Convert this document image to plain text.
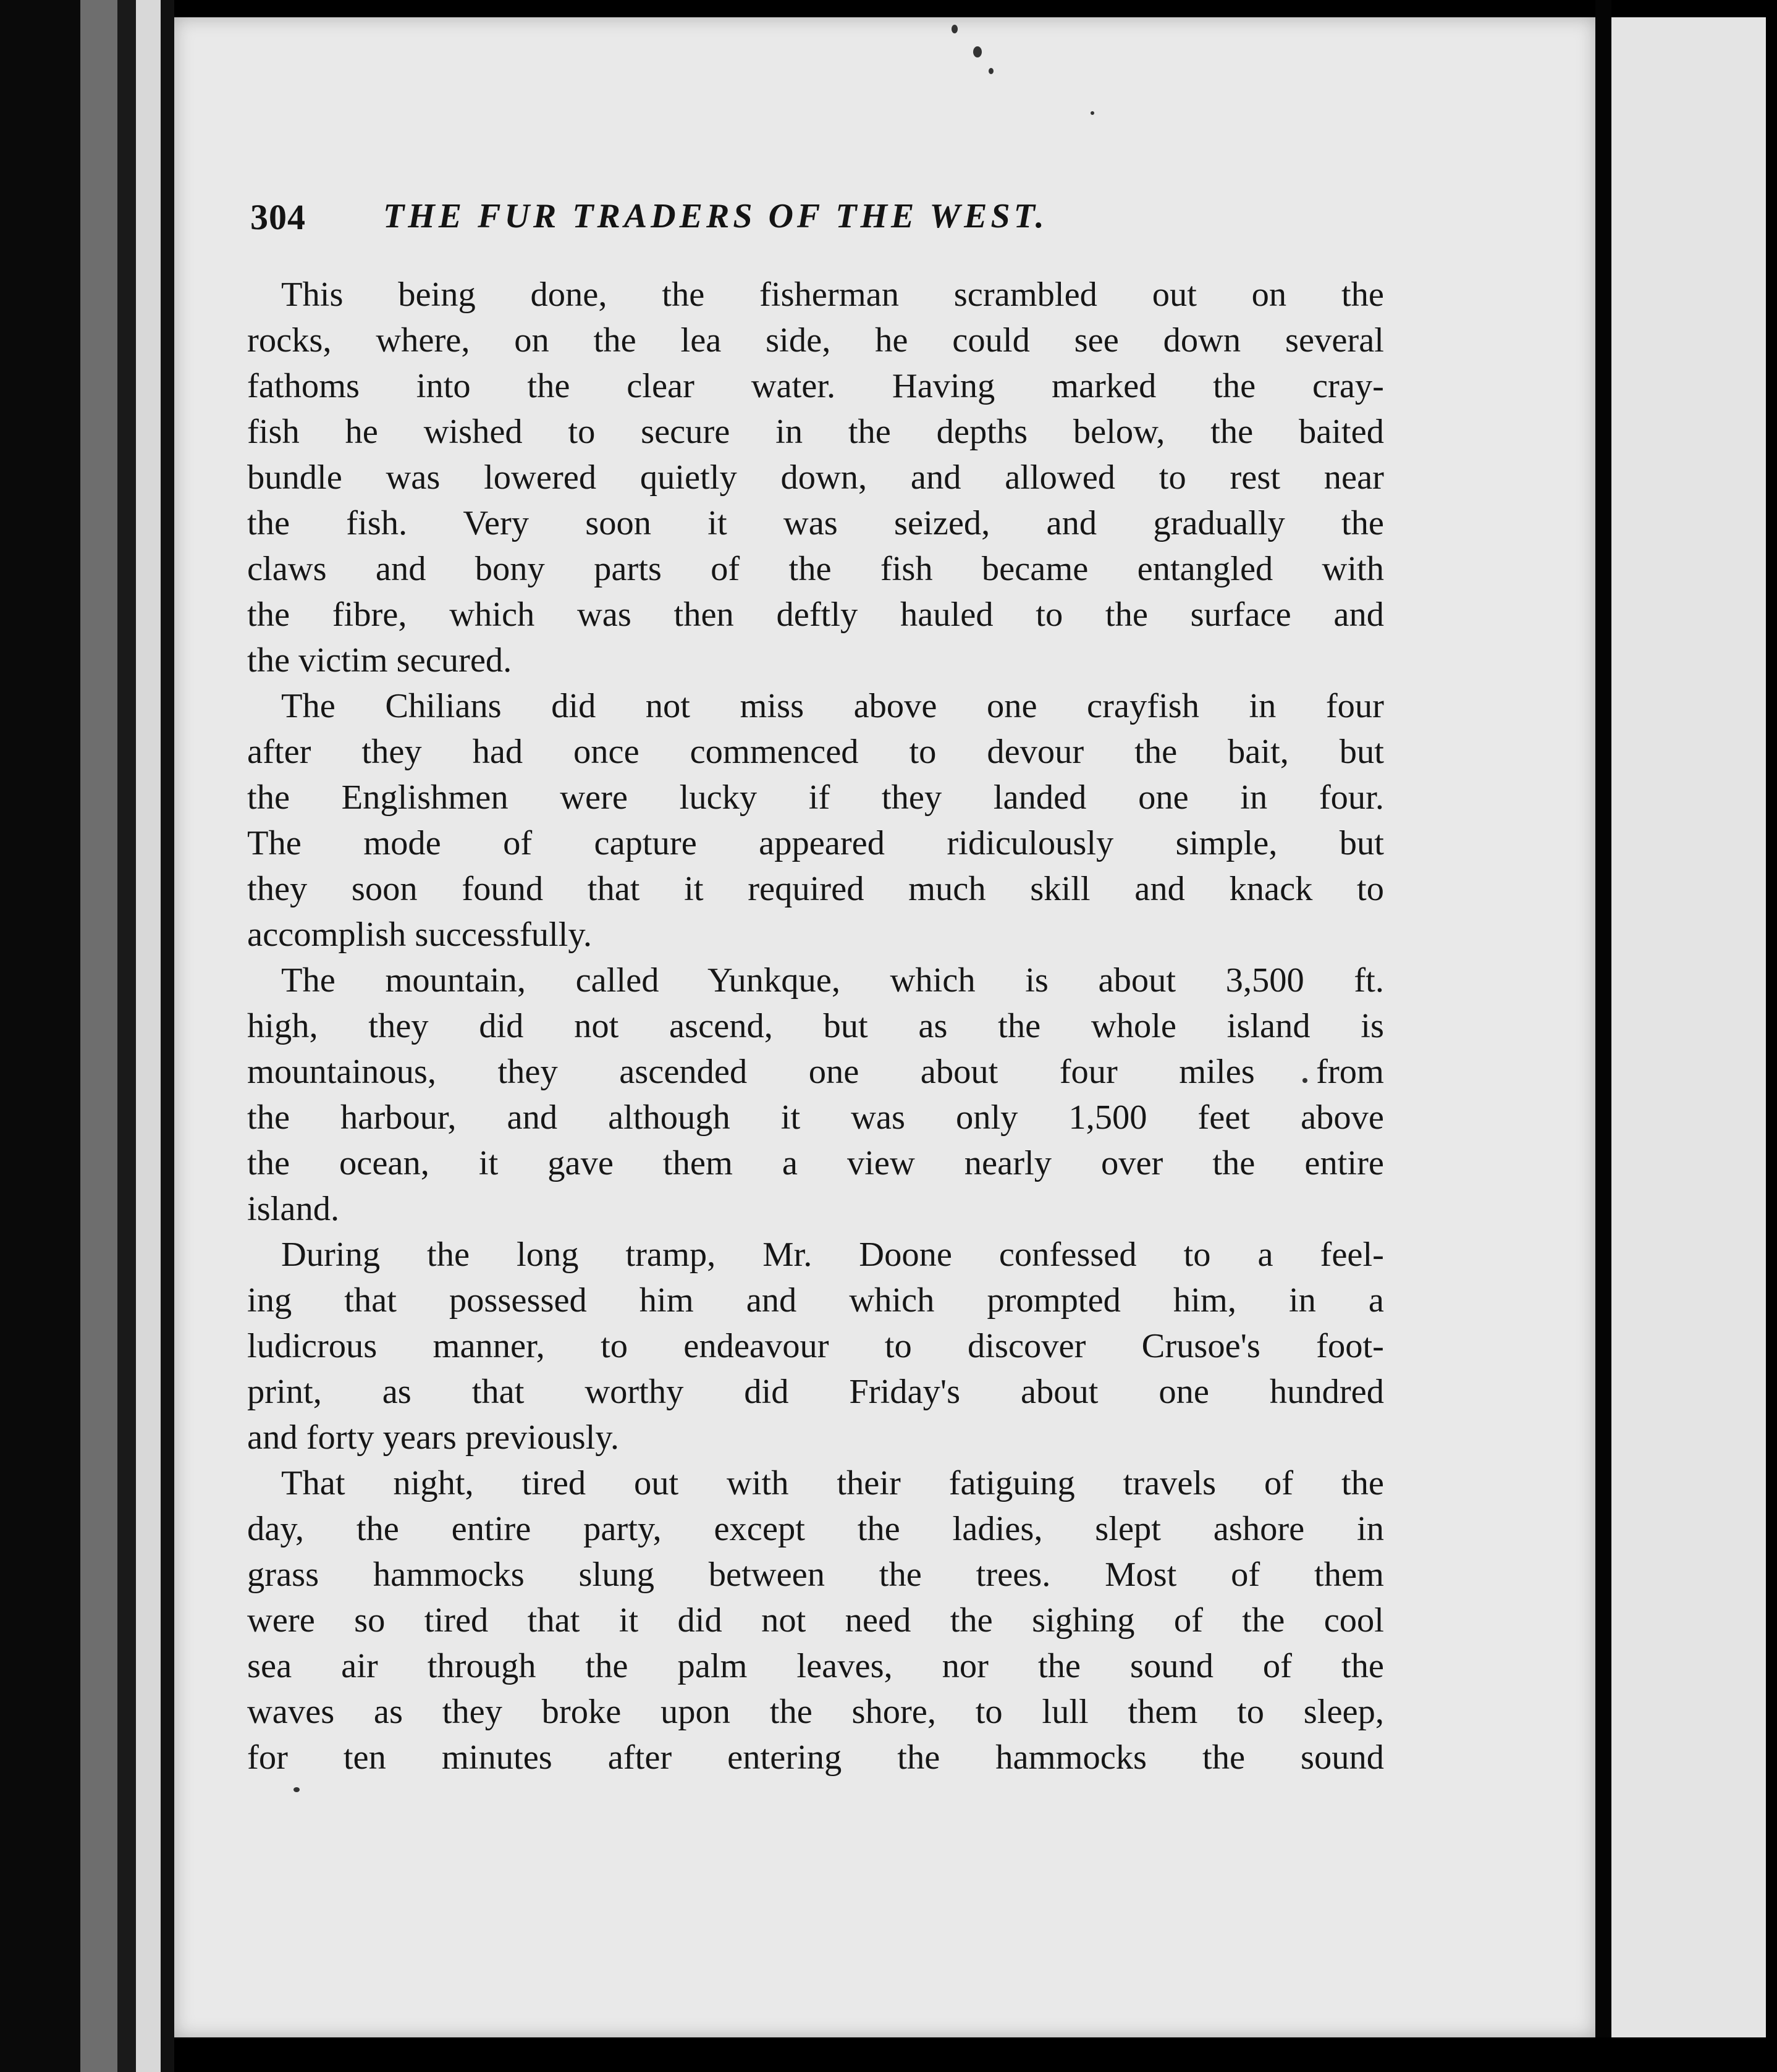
304 THE FUR TRADERS OF THE WEST.
This being done, the fisherman scrambled out on the
rocks, where, on the lea side, he could see down several
fathoms into the clear water. Having marked the cray-
fish he wished to secure in the depths below, the baited
bundle was lowered quietly down, and allowed to rest near
the fish. Very soon it was seized, and gradually the
claws and bony parts of the fish became entangled with
the fibre, which was then deftly hauled to the surface and
the victim secured.
The Chilians did not miss above one crayfish in four
after they had once commenced to devour the bait, but
the Englishmen were lucky if they landed one in four.
The mode of capture appeared ridiculously simple, but
they soon found that it required much skill and knack to
accomplish successfully.
The mountain, called Yunkque, which is about 3,500 ft.
high, they did not ascend, but as the whole island is
mountainous, they ascended one about four miles from
the harbour, and although it was only 1,500 feet above
the ocean, it gave them a view nearly over the entire
island.
During the long tramp, Mr. Doone confessed to a feel-
ing that possessed him and which prompted him, in a
ludicrous manner, to endeavour to discover Crusoe's foot-
print, as that worthy did Friday's about one hundred
and forty years previously.
That night, tired out with their fatiguing travels of the
day, the entire party, except the ladies, slept ashore in
grass hammocks slung between the trees. Most of them
were so tired that it did not need the sighing of the cool
sea air through the palm leaves, nor the sound of the
waves as they broke upon the shore, to lull them to sleep,
for ten minutes after entering the hammocks the sound
